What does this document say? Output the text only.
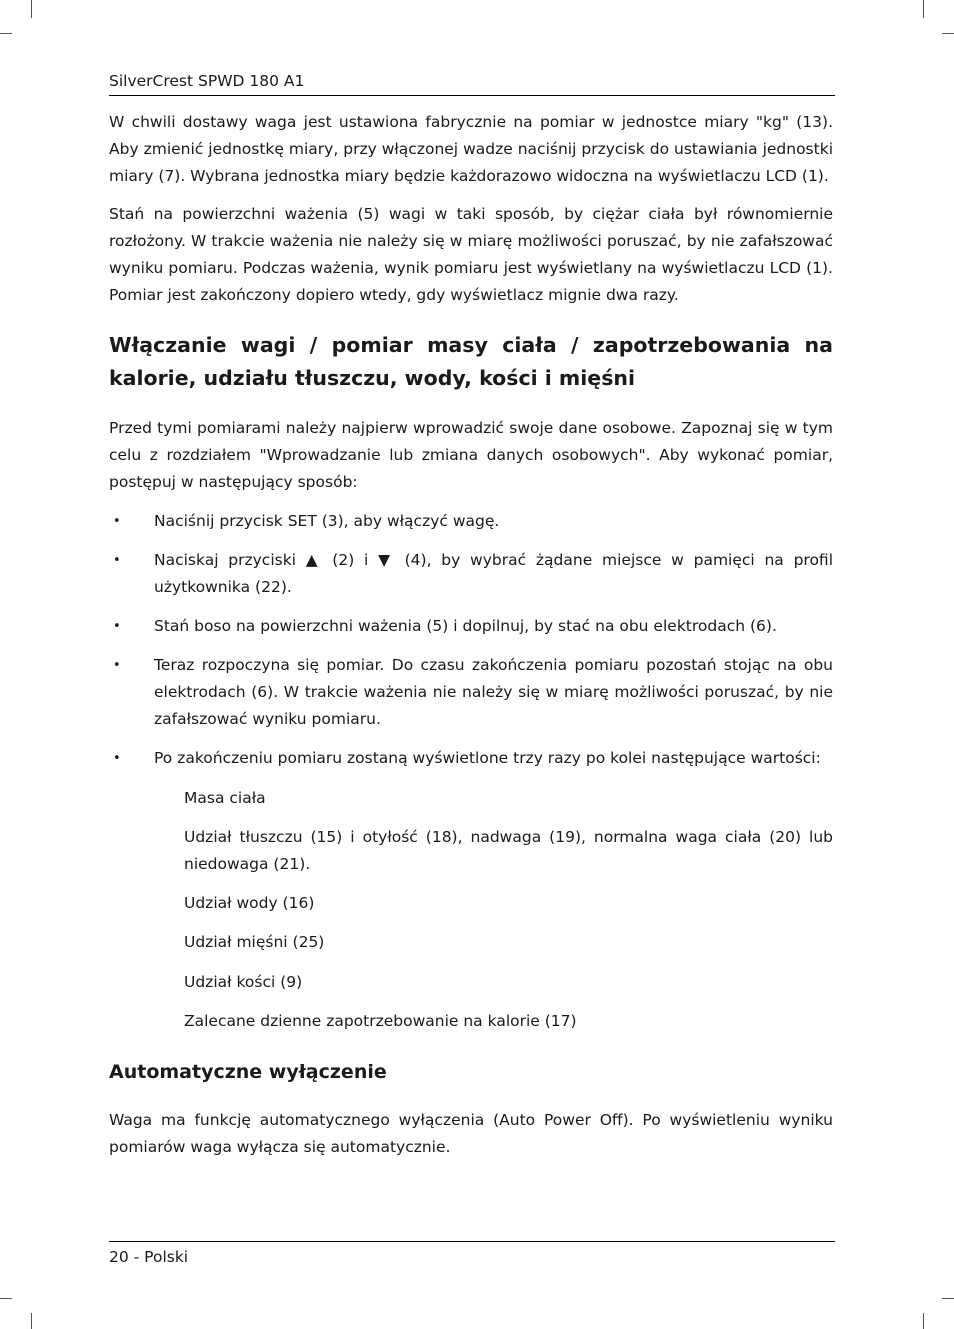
SilverCrest SPWD 180 A1

W chwili dostawy waga jest ustawiona fabrycznie na pomiar w jednostce miary "kg" (13). Aby zmienić jednostkę miary, przy włączonej wadze naciśnij przycisk do ustawiania jednostki miary (7). Wybrana jednostka miary będzie każdorazowo widoczna na wyświetlaczu LCD (1).

Stań na powierzchni ważenia (5) wagi w taki sposób, by ciężar ciała był równomiernie rozłożony. W trakcie ważenia nie należy się w miarę możliwości poruszać, by nie zafałszować wyniku pomiaru. Podczas ważenia, wynik pomiaru jest wyświetlany na wyświetlaczu LCD (1). Pomiar jest zakończony dopiero wtedy, gdy wyświetlacz mignie dwa razy.

Włączanie wagi / pomiar masy ciała / zapotrzebowania na kalorie, udziału tłuszczu, wody, kości i mięśni

Przed tymi pomiarami należy najpierw wprowadzić swoje dane osobowe. Zapoznaj się w tym celu z rozdziałem "Wprowadzanie lub zmiana danych osobowych". Aby wykonać pomiar, postępuj w następujący sposób:

• Naciśnij przycisk SET (3), aby włączyć wagę.
• Naciskaj przyciski ▲ (2) i ▼ (4), by wybrać żądane miejsce w pamięci na profil użytkownika (22).
• Stań boso na powierzchni ważenia (5) i dopilnuj, by stać na obu elektrodach (6).
• Teraz rozpoczyna się pomiar. Do czasu zakończenia pomiaru pozostań stojąc na obu elektrodach (6). W trakcie ważenia nie należy się w miarę możliwości poruszać, by nie zafałszować wyniku pomiaru.
• Po zakończeniu pomiaru zostaną wyświetlone trzy razy po kolei następujące wartości:

Masa ciała

Udział tłuszczu (15) i otyłość (18), nadwaga (19), normalna waga ciała (20) lub niedowaga (21).

Udział wody (16)

Udział mięśni (25)

Udział kości (9)

Zalecane dzienne zapotrzebowanie na kalorie (17)

Automatyczne wyłączenie

Waga ma funkcję automatycznego wyłączenia (Auto Power Off). Po wyświetleniu wyniku pomiarów waga wyłącza się automatycznie.

20 - Polski
